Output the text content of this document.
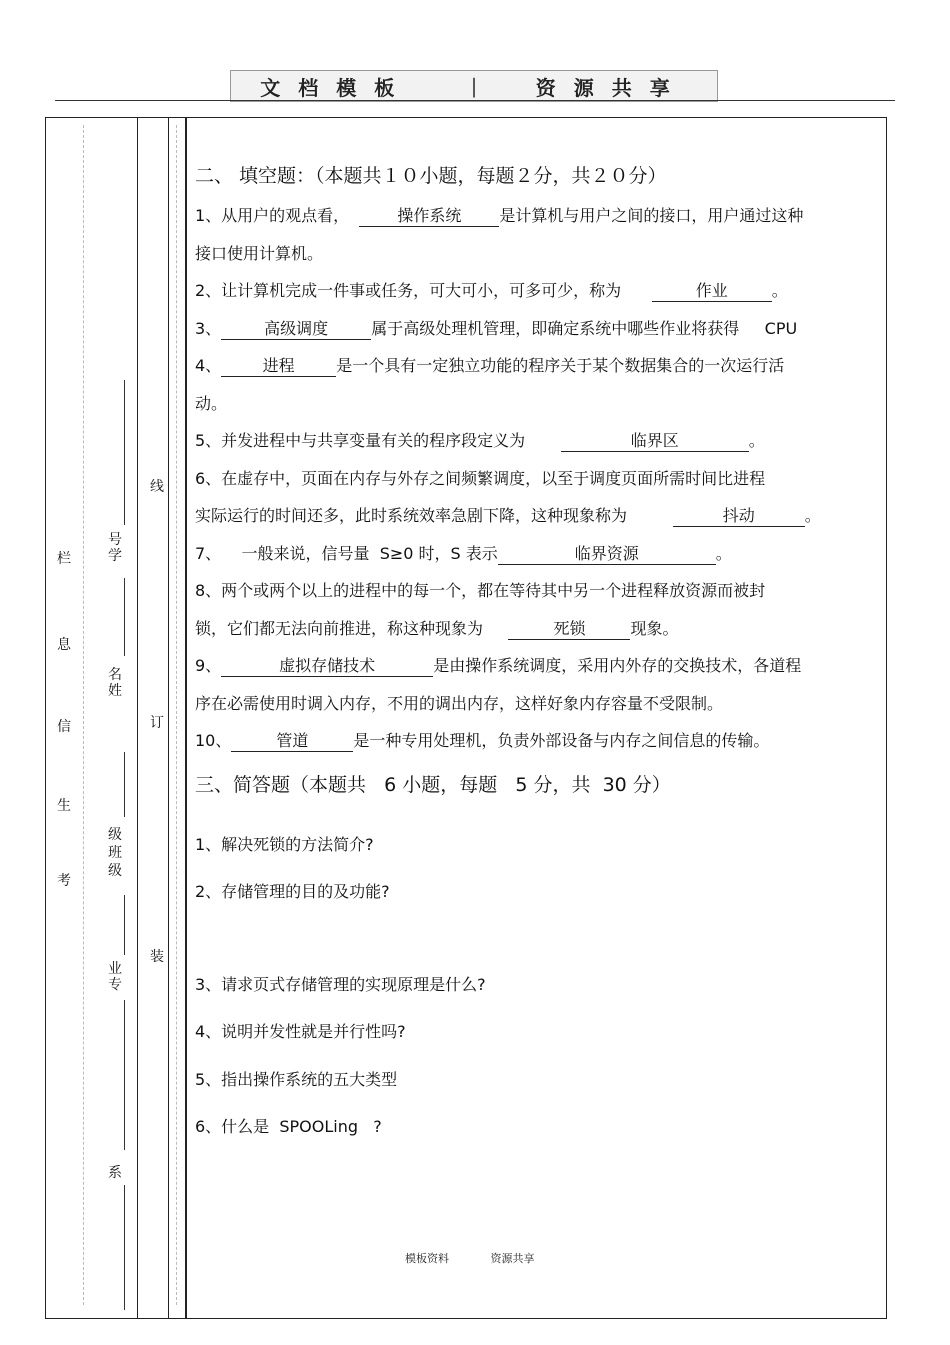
文档模板	|	资源共享
栏
息
信
生
考
号学
名姓
级班级
业专
系
线
订
装

二、 填空题：（本题共１０小题，每题２分，共２０分）

1、从用户的观点看，	操作系统 是计算机与用户之间的接口，用户通过这种

接口使用计算机。

2、让计算机完成一件事或任务，可大可小，可多可少，称为	作业	。

3、	高级调度	属于高级处理机管理，即确定系统中哪些作业将获得 CPU

4、	进程	是一个具有一定独立功能的程序关于某个数据集合的一次运行活

动。

5、并发进程中与共享变量有关的程序段定义为	临界区	。

6、在虚存中，页面在内存与外存之间频繁调度，以至于调度页面所需时间比进程

实际运行的时间还多，此时系统效率急剧下降，这种现象称为	抖动	。

7、    一般来说，信号量  S≥0 时，S 表示	临界资源	。

8、两个或两个以上的进程中的每一个，都在等待其中另一个进程释放资源而被封

锁，它们都无法向前推进，称这种现象为	死锁	现象。

9、	虚拟存储技术	是由操作系统调度，采用内外存的交换技术，各道程

序在必需使用时调入内存，不用的调出内存，这样好象内存容量不受限制。

10、	管道	是一种专用处理机，负责外部设备与内存之间信息的传输。

三、简答题（本题共   6 小题，每题   5 分，共  30 分）

1、解决死锁的方法简介?

2、存储管理的目的及功能?

3、请求页式存储管理的实现原理是什么?

4、说明并发性就是并行性吗?

5、指出操作系统的五大类型

6、什么是  SPOOLing   ?

模板资料 资源共享
